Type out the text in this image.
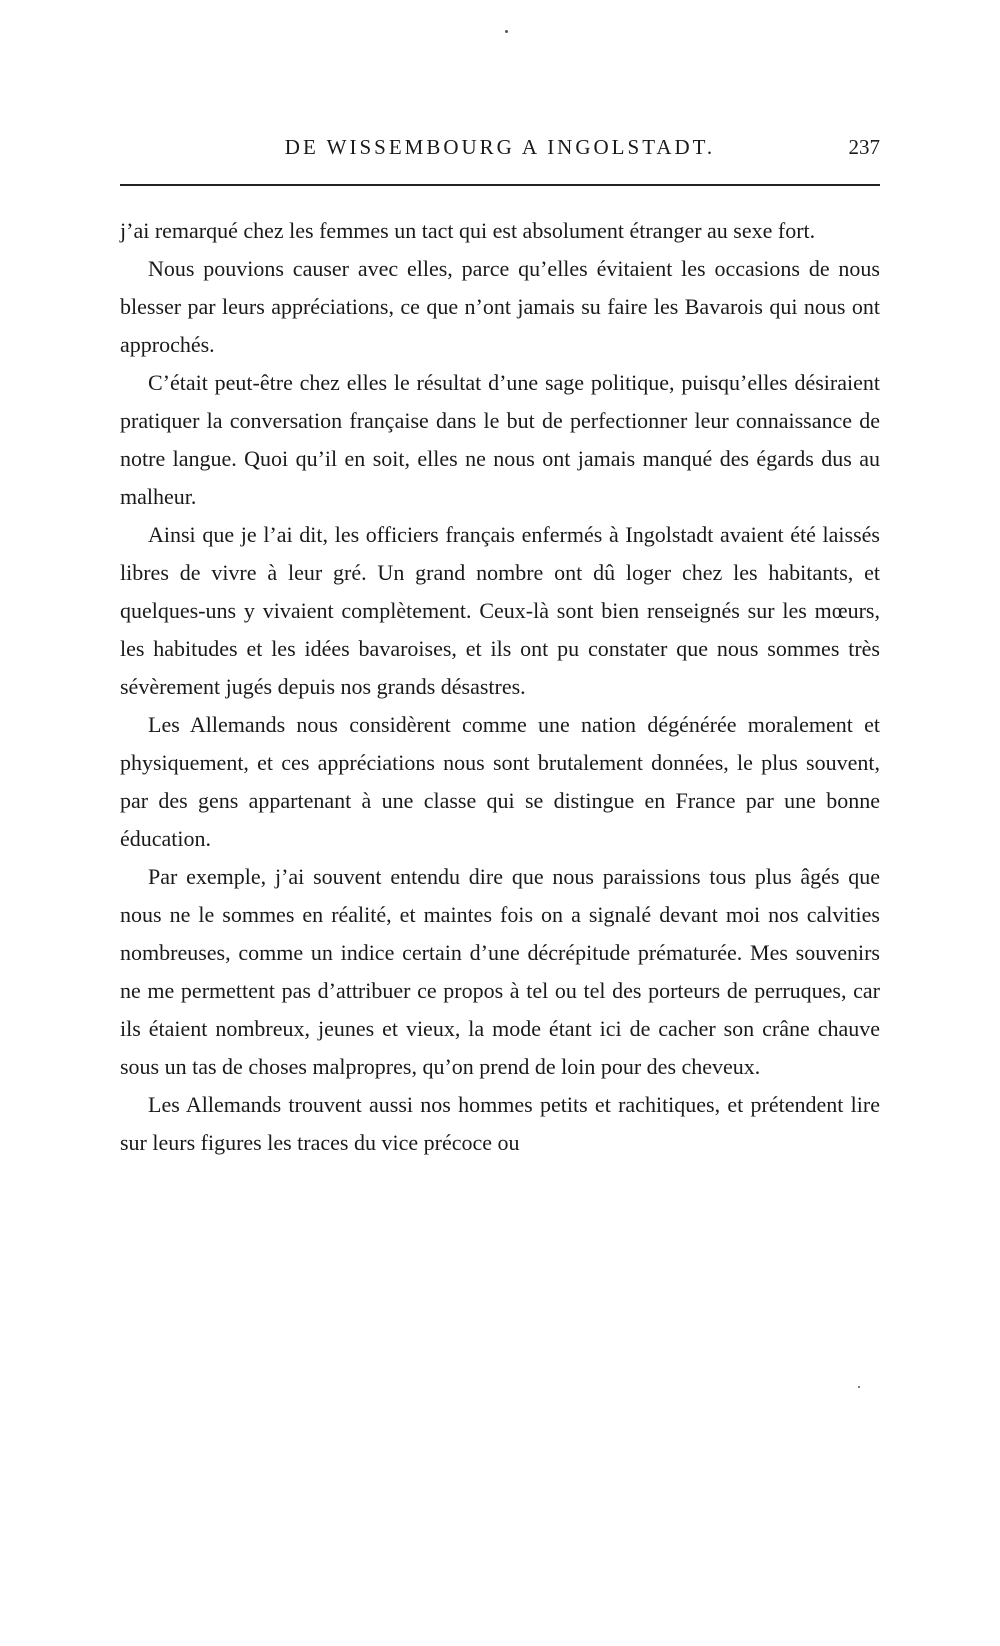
DE WISSEMBOURG A INGOLSTADT.	237

j’ai remarqué chez les femmes un tact qui est absolument étranger au sexe fort.

Nous pouvions causer avec elles, parce qu’elles évitaient les occasions de nous blesser par leurs appréciations, ce que n’ont jamais su faire les Bavarois qui nous ont approchés.

C’était peut-être chez elles le résultat d’une sage politique, puisqu’elles désiraient pratiquer la conversation française dans le but de perfectionner leur connaissance de notre langue. Quoi qu’il en soit, elles ne nous ont jamais manqué des égards dus au malheur.

Ainsi que je l’ai dit, les officiers français enfermés à Ingolstadt avaient été laissés libres de vivre à leur gré. Un grand nombre ont dû loger chez les habitants, et quelques-uns y vivaient complètement. Ceux-là sont bien renseignés sur les mœurs, les habitudes et les idées bavaroises, et ils ont pu constater que nous sommes très sévèrement jugés depuis nos grands désastres.

Les Allemands nous considèrent comme une nation dégénérée moralement et physiquement, et ces appréciations nous sont brutalement données, le plus souvent, par des gens appartenant à une classe qui se distingue en France par une bonne éducation.

Par exemple, j’ai souvent entendu dire que nous paraissions tous plus âgés que nous ne le sommes en réalité, et maintes fois on a signalé devant moi nos calvities nombreuses, comme un indice certain d’une décrépitude prématurée. Mes souvenirs ne me permettent pas d’attribuer ce propos à tel ou tel des porteurs de perruques, car ils étaient nombreux, jeunes et vieux, la mode étant ici de cacher son crâne chauve sous un tas de choses malpropres, qu’on prend de loin pour des cheveux.

Les Allemands trouvent aussi nos hommes petits et rachitiques, et prétendent lire sur leurs figures les traces du vice précoce ou
